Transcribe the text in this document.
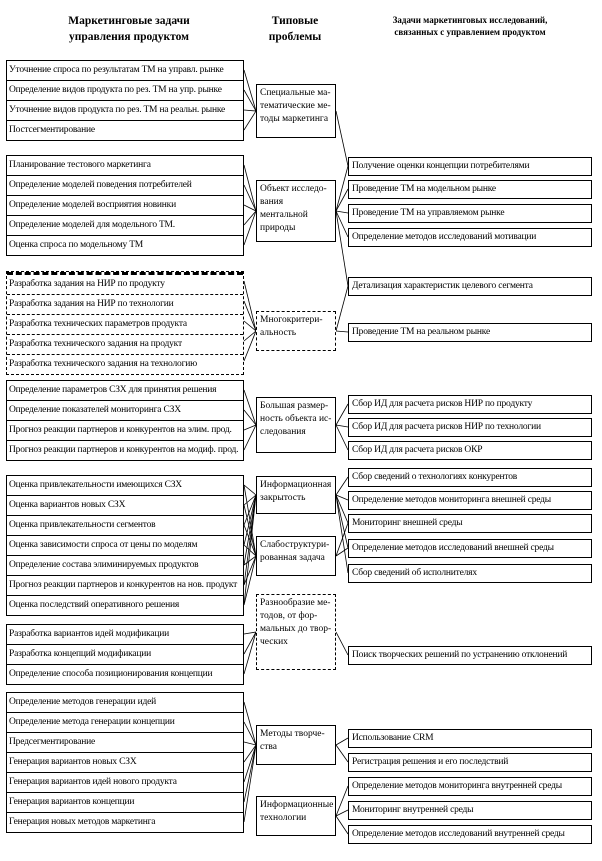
Маркетинговые задачи
управления продуктом
Типовые
проблемы
Задачи маркетинговых исследований,
связанных с управлением продуктом
Уточнение спроса по результатам ТМ на управл. рынке
Определение видов продукта по рез. ТМ на упр. рынке
Уточнение видов продукта по рез. ТМ на реальн. рынке
Постсегментирование
Планирование тестового маркетинга
Определение моделей поведения потребителей
Определение моделей восприятия новинки
Определение моделей для модельного ТМ.
Оценка спроса по модельному ТМ
Разработка задания на НИР по продукту
Разработка задания на НИР по технологии
Разработка технических параметров продукта
Разработка технического задания на продукт
Разработка технического задания на технологию
Определение параметров СЗХ для принятия решения
Определение показателей мониторинга СЗХ
Прогноз реакции партнеров и конкурентов на элим. прод.
Прогноз реакции партнеров и конкурентов на модиф. прод.
Оценка привлекательности имеющихся СЗХ
Оценка вариантов новых СЗХ
Оценка привлекательности сегментов
Оценка зависимости спроса от цены по моделям
Определение состава элиминируемых продуктов
Прогноз реакции партнеров и конкурентов на нов. продукт
Оценка последствий оперативного решения
Разработка вариантов идей модификации
Разработка концепций модификации
Определение способа позиционирования концепции
Определение методов генерации идей
Определение метода генерации концепции
Предсегментирование
Генерация вариантов новых СЗХ
Генерация вариантов идей нового продукта
Генерация вариантов концепции
Генерация новых методов маркетинга
Специальные ма-
тематические ме-
тоды маркетинга
Объект исследо-
вания ментальной
природы
Многокритери-
альность
Большая размер-
ность объекта ис-
следования
Информационная
закрытость
Слабоструктури-
рованная задача
Разнообразие ме-
тодов, от фор-
мальных до твор-
ческих
Методы творче-
ства
Информационные
технологии
Получение оценки концепции потребителями
Проведение ТМ на модельном рынке
Проведение ТМ на управляемом рынке
Определение методов исследований мотивации
Детализация характеристик целевого сегмента
Проведение ТМ на реальном рынке
Сбор ИД для расчета рисков НИР по продукту
Сбор ИД для расчета рисков НИР по технологии
Сбор ИД для расчета рисков ОКР
Сбор сведений о технологиях конкурентов
Определение методов мониторинга внешней среды
Мониторинг внешней среды
Определение методов исследований внешней среды
Сбор сведений об исполнителях
Поиск творческих решений по устранению отклонений
Использование CRM
Регистрация решения и его последствий
Определение методов мониторинга внутренней среды
Мониторинг внутренней среды
Определение методов исследований внутренней среды
